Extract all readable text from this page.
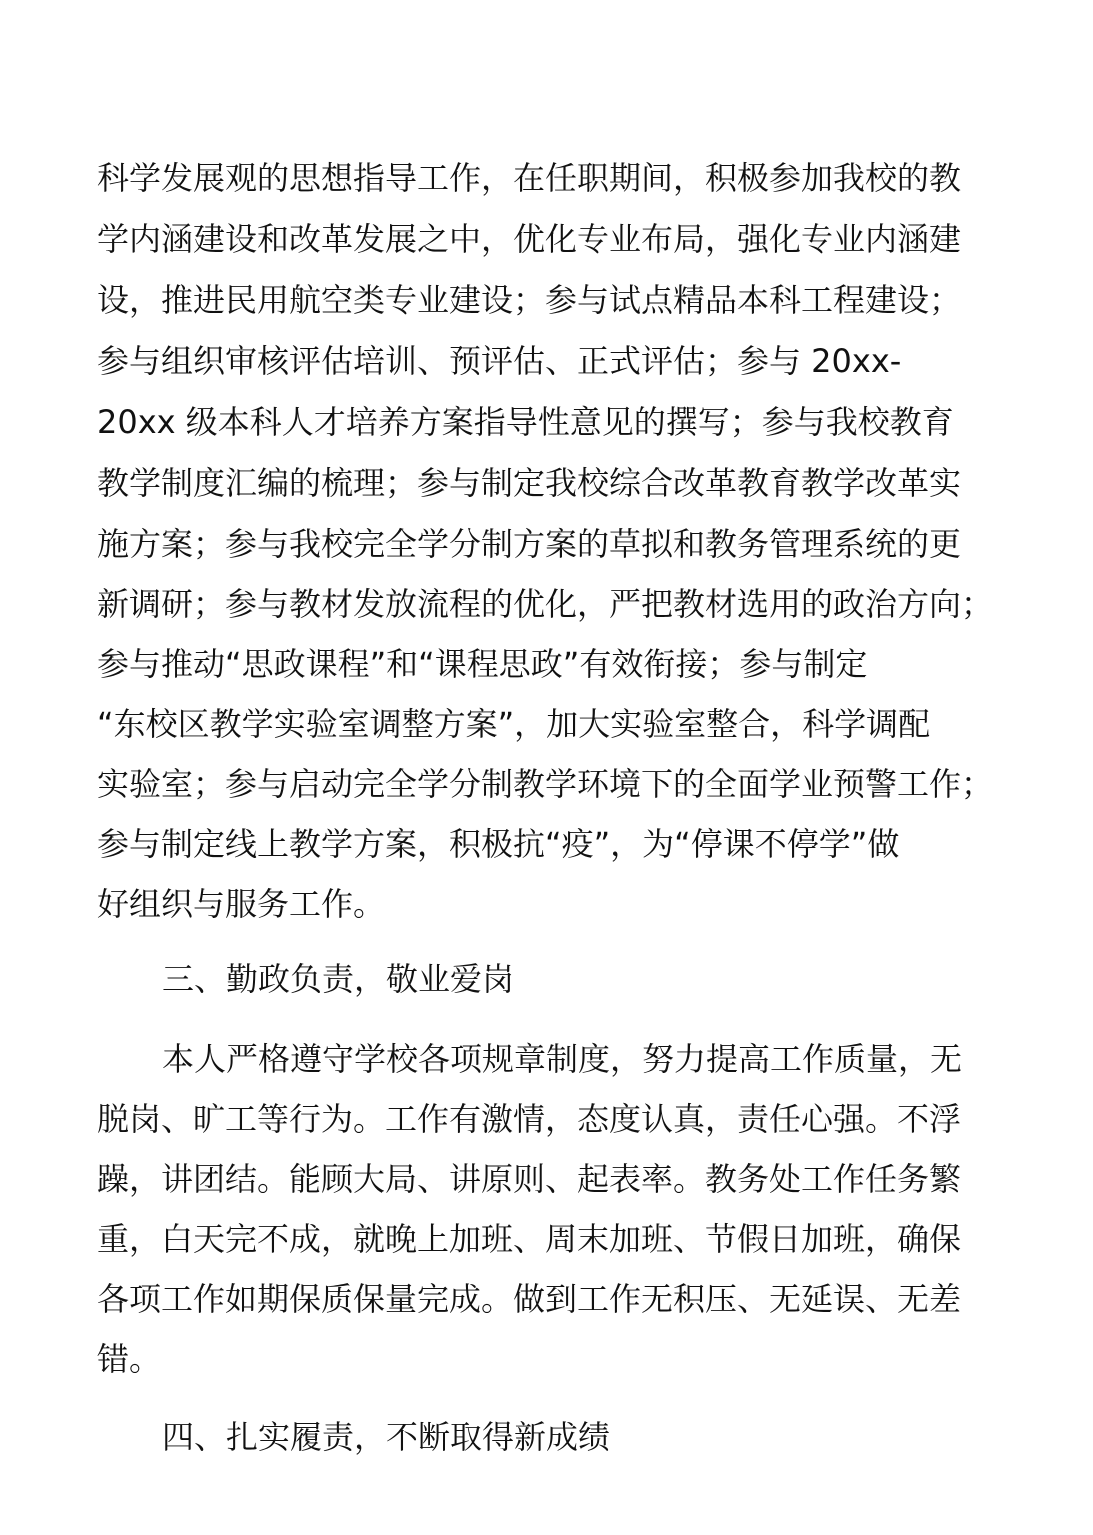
科学发展观的思想指导工作，在任职期间，积极参加我校的教
学内涵建设和改革发展之中，优化专业布局，强化专业内涵建
设，推进民用航空类专业建设；参与试点精品本科工程建设；
参与组织审核评估培训、预评估、正式评估；参与 20xx-
20xx 级本科人才培养方案指导性意见的撰写；参与我校教育
教学制度汇编的梳理；参与制定我校综合改革教育教学改革实
施方案；参与我校完全学分制方案的草拟和教务管理系统的更
新调研；参与教材发放流程的优化，严把教材选用的政治方向；
参与推动“思政课程”和“课程思政”有效衔接；参与制定
“东校区教学实验室调整方案”，加大实验室整合，科学调配
实验室；参与启动完全学分制教学环境下的全面学业预警工作；
参与制定线上教学方案，积极抗“疫”，为“停课不停学”做
好组织与服务工作。
三、勤政负责，敬业爱岗
本人严格遵守学校各项规章制度，努力提高工作质量，无
脱岗、旷工等行为。工作有激情，态度认真，责任心强。不浮
躁，讲团结。能顾大局、讲原则、起表率。教务处工作任务繁
重，白天完不成，就晚上加班、周末加班、节假日加班，确保
各项工作如期保质保量完成。做到工作无积压、无延误、无差
错。
四、扎实履责，不断取得新成绩
